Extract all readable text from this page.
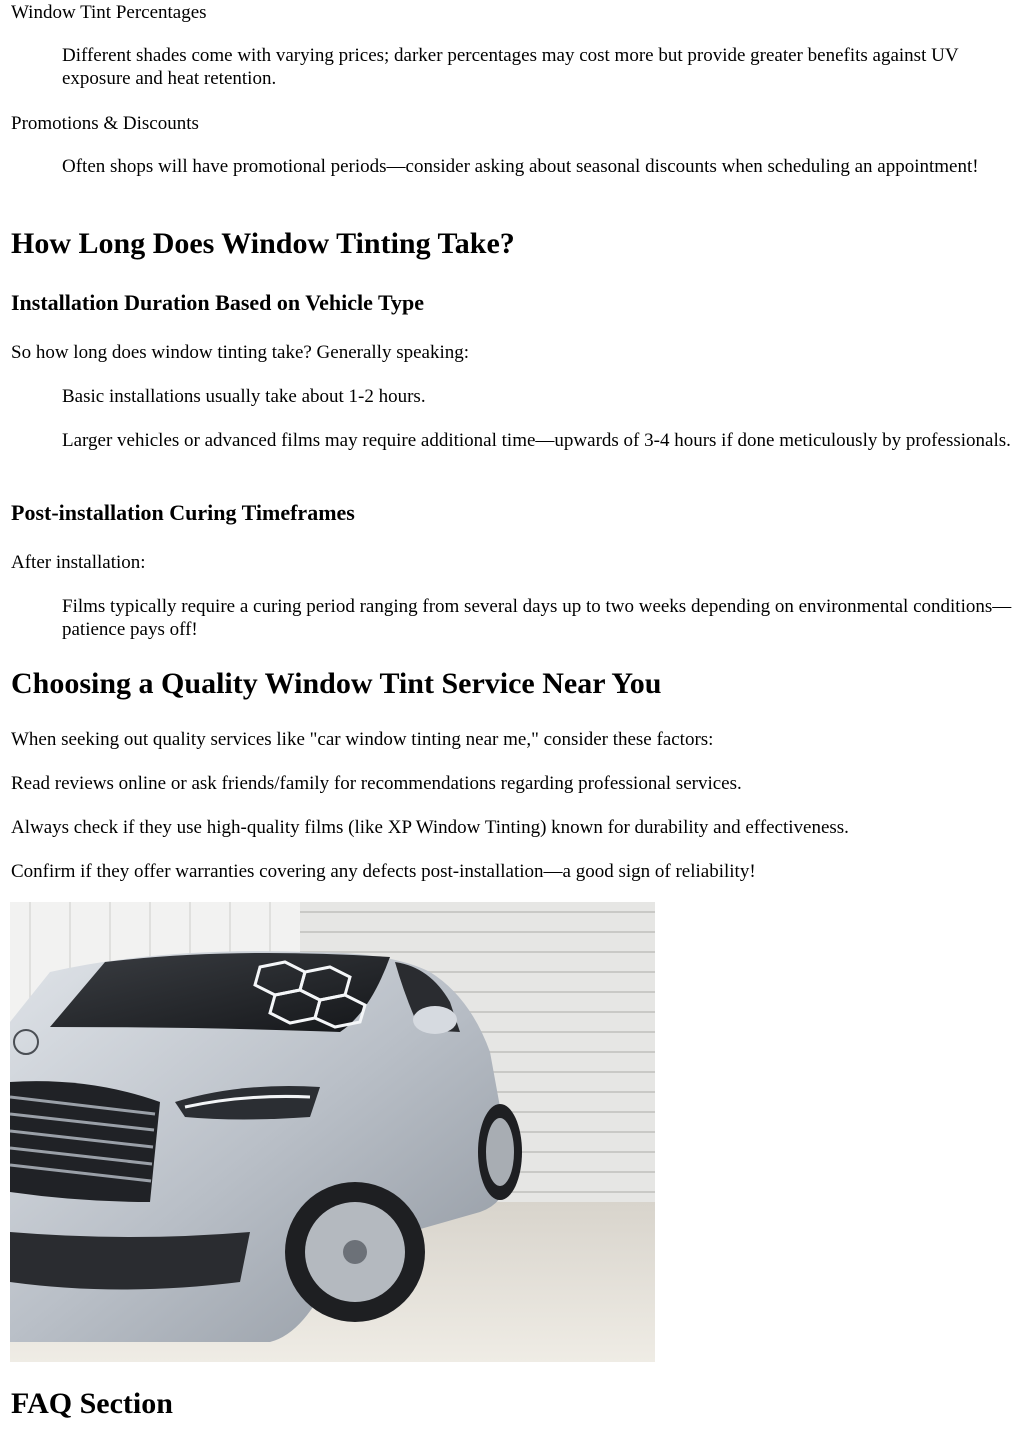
Window Tint Percentages

Different shades come with varying prices; darker percentages may cost more but provide greater benefits against UV exposure and heat retention.

Promotions & Discounts

Often shops will have promotional periods—consider asking about seasonal discounts when scheduling an appointment!

How Long Does Window Tinting Take?
Installation Duration Based on Vehicle Type

So how long does window tinting take? Generally speaking:

Basic installations usually take about 1-2 hours.

Larger vehicles or advanced films may require additional time—upwards of 3-4 hours if done meticulously by professionals.

Post-installation Curing Timeframes

After installation:

Films typically require a curing period ranging from several days up to two weeks depending on environmental conditions—patience pays off!

Choosing a Quality Window Tint Service Near You

When seeking out quality services like "car window tinting near me," consider these factors:

Read reviews online or ask friends/family for recommendations regarding professional services.

Always check if they use high-quality films (like XP Window Tinting) known for durability and effectiveness.

Confirm if they offer warranties covering any defects post-installation—a good sign of reliability!

FAQ Section
